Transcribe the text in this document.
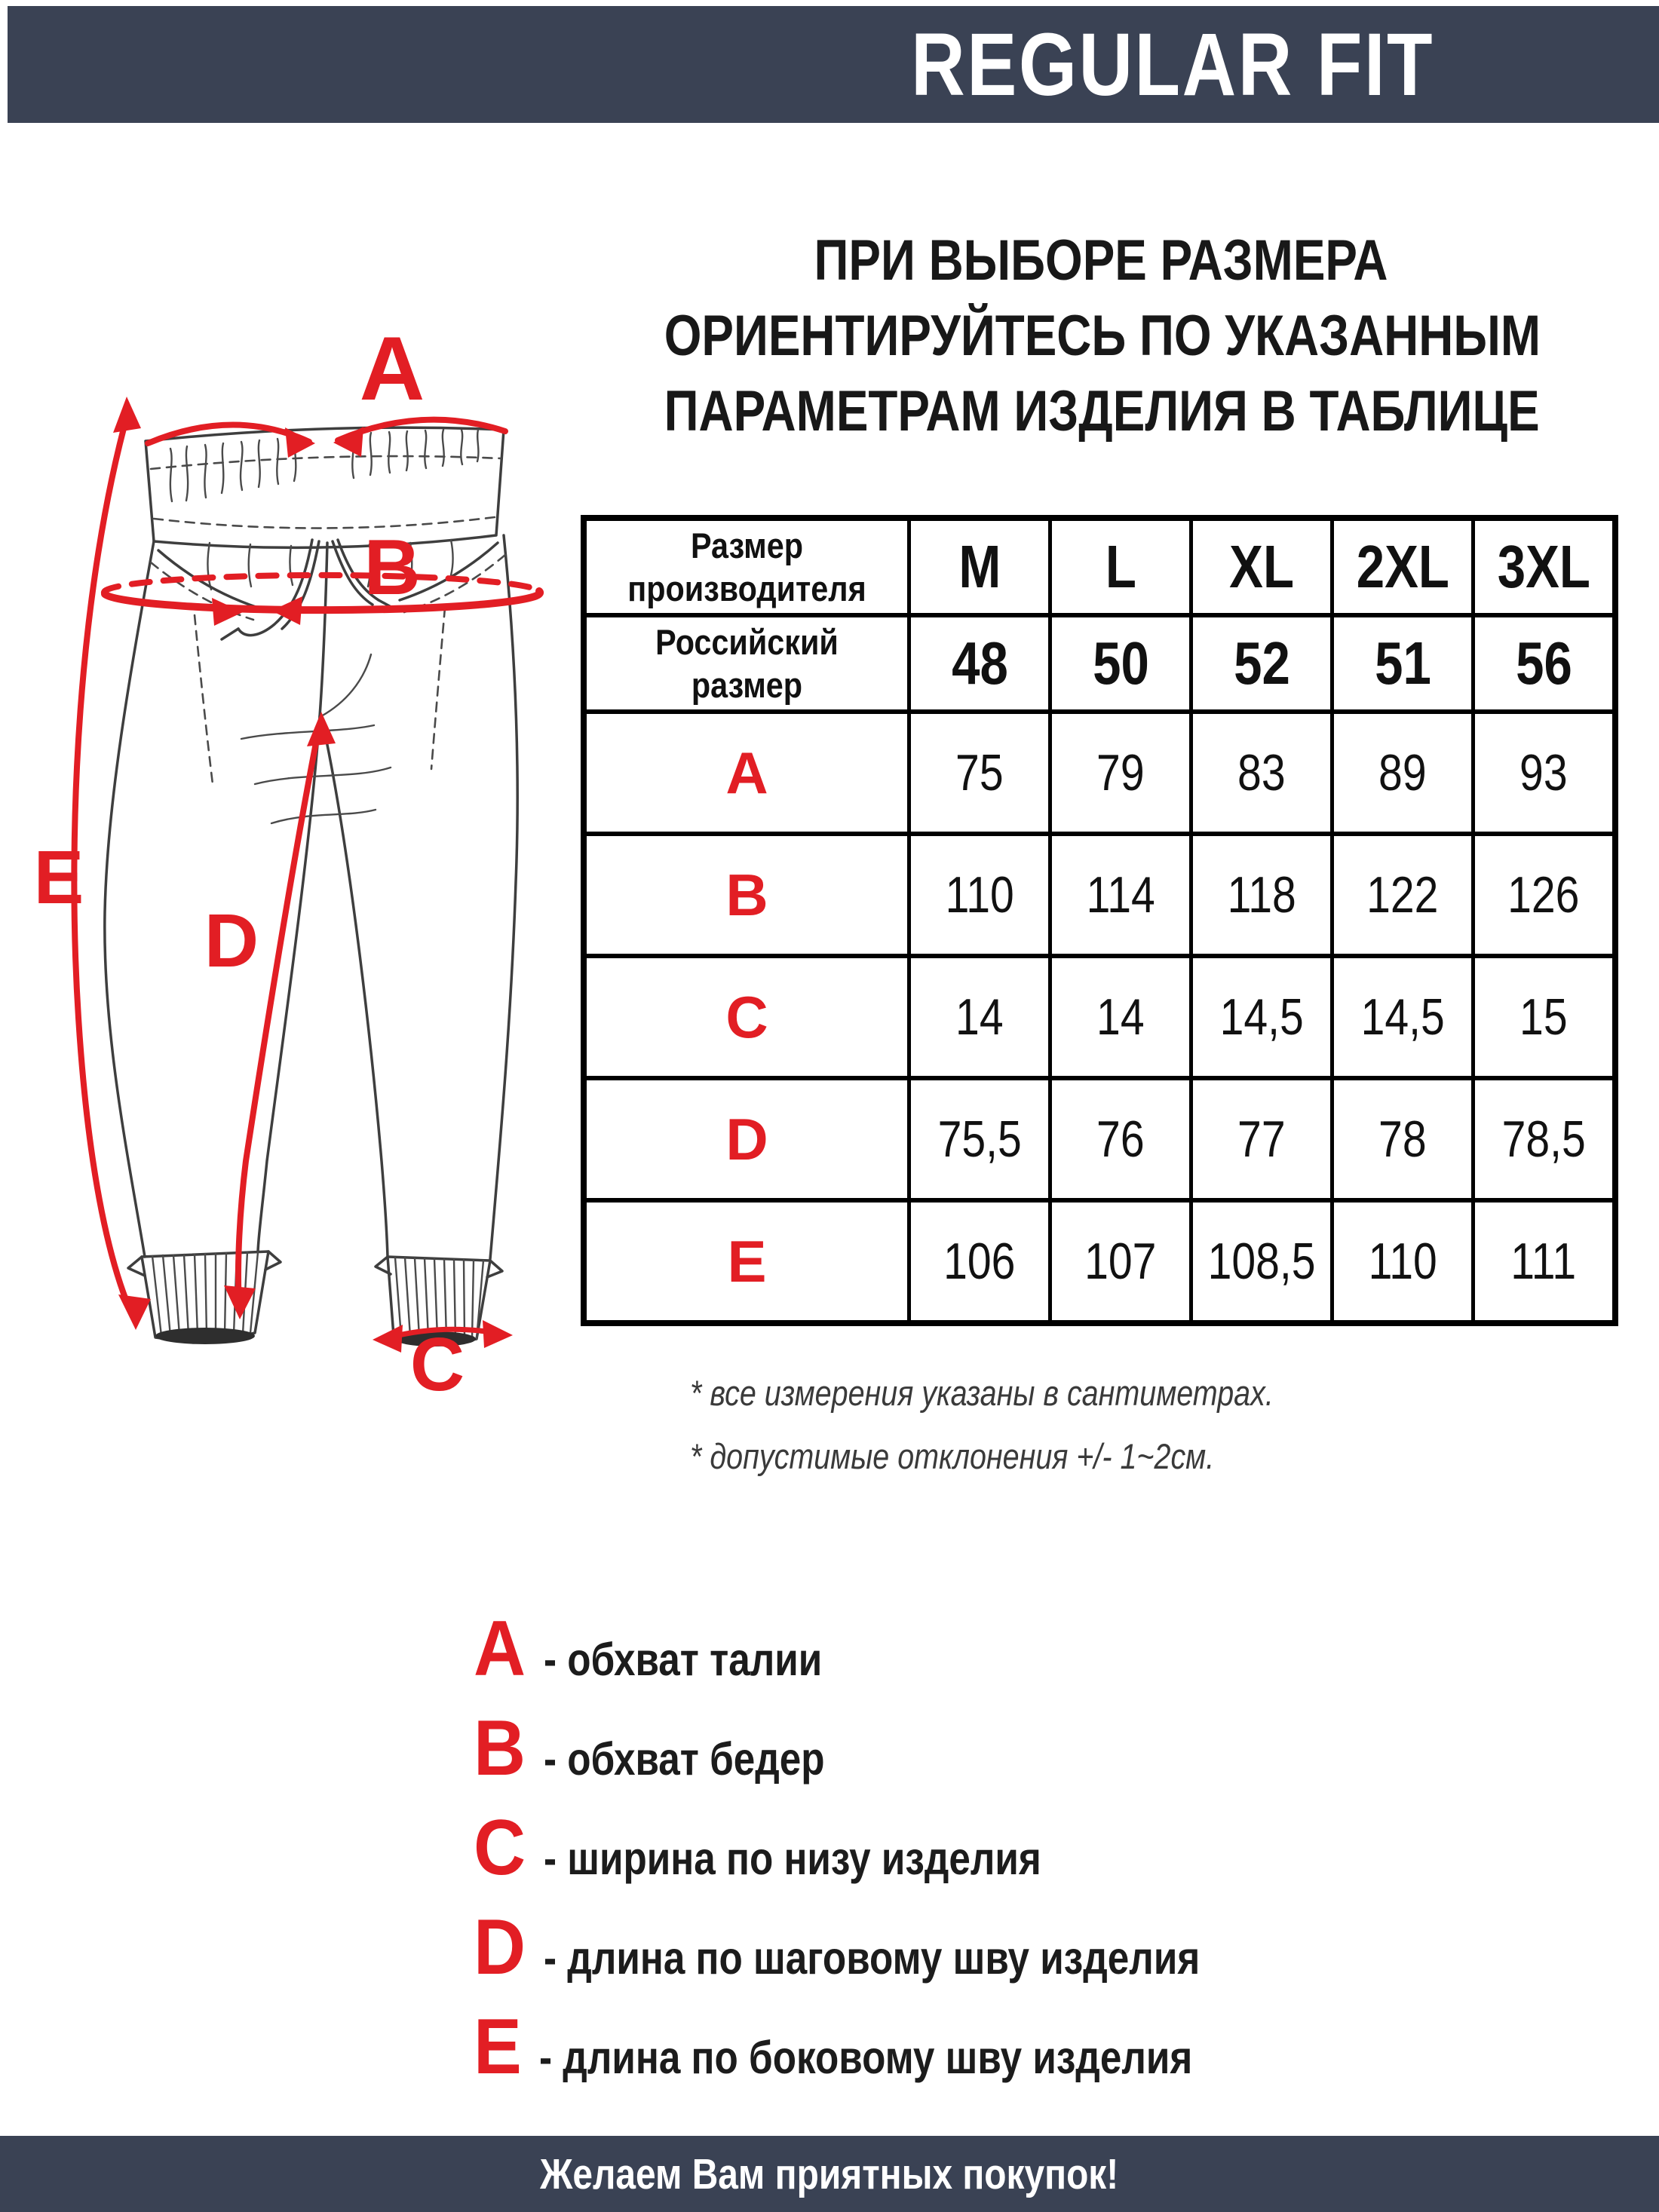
REGULAR FIT
ПРИ ВЫБОРЕ РАЗМЕРА
ОРИЕНТИРУЙТЕСЬ ПО УКАЗАННЫМ
ПАРАМЕТРАМ ИЗДЕЛИЯ В ТАБЛИЦЕ
A
B
C
D
E
Размер производителя	M L XL 2XL 3XL
Российский размер	48 50 52 51 56
A	75 79 83 89 93
B	110 114 118 122 126
C	14 14 14,5 14,5 15
D	75,5 76 77 78 78,5
E	106 107 108,5 110 111
* все измерения указаны в сантиметрах.
* допустимые отклонения +/- 1~2см.
A - обхват талии
B - обхват бедер
C - ширина по низу изделия
D - длина по шаговому шву изделия
E - длина по боковому шву изделия
Желаем Вам приятных покупок!
